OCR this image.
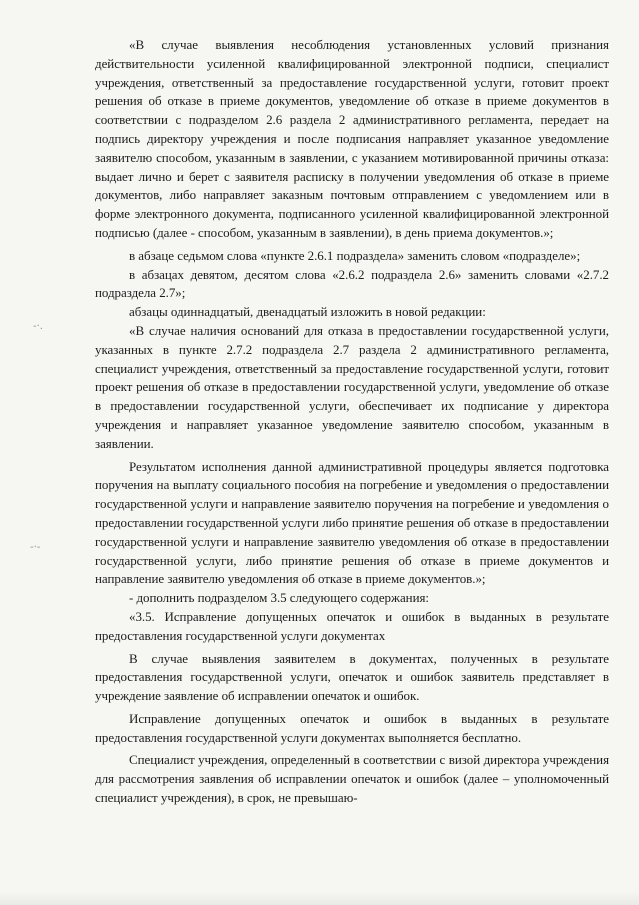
«В случае выявления несоблюдения установленных условий признания действительности усиленной квалифицированной электронной подписи, специалист учреждения, ответственный за предоставление государственной услуги, готовит проект решения об отказе в приеме документов, уведомление об отказе в приеме документов в соответствии с подразделом 2.6 раздела 2 административного регламента, передает на подпись директору учреждения и после подписания направляет указанное уведомление заявителю способом, указанным в заявлении, с указанием мотивированной причины отказа: выдает лично и берет с заявителя расписку в получении уведомления об отказе в приеме документов, либо направляет заказным почтовым отправлением с уведомлением или в форме электронного документа, подписанного усиленной квалифицированной электронной подписью (далее - способом, указанным в заявлении), в день приема документов.»;

в абзаце седьмом слова «пункте 2.6.1 подраздела» заменить словом «подразделе»;

в абзацах девятом, десятом слова «2.6.2 подраздела 2.6» заменить словами «2.7.2 подраздела 2.7»;

абзацы одиннадцатый, двенадцатый изложить в новой редакции:

«В случае наличия оснований для отказа в предоставлении государственной услуги, указанных в пункте 2.7.2 подраздела 2.7 раздела 2 административного регламента, специалист учреждения, ответственный за предоставление государственной услуги, готовит проект решения об отказе в предоставлении государственной услуги, уведомление об отказе в предоставлении государственной услуги, обеспечивает их подписание у директора учреждения и направляет указанное уведомление заявителю способом, указанным в заявлении.

Результатом исполнения данной административной процедуры является подготовка поручения на выплату социального пособия на погребение и уведомления о предоставлении государственной услуги и направление заявителю поручения на погребение и уведомления о предоставлении государственной услуги либо принятие решения об отказе в предоставлении государственной услуги и направление заявителю уведомления об отказе в предоставлении государственной услуги, либо принятие решения об отказе в приеме документов и направление заявителю уведомления об отказе в приеме документов.»;

- дополнить подразделом 3.5 следующего содержания:

«3.5. Исправление допущенных опечаток и ошибок в выданных в результате предоставления государственной услуги документах

В случае выявления заявителем в документах, полученных в результате предоставления государственной услуги, опечаток и ошибок заявитель представляет в учреждение заявление об исправлении опечаток и ошибок.

Исправление допущенных опечаток и ошибок в выданных в результате предоставления государственной услуги документах выполняется бесплатно.

Специалист учреждения, определенный в соответствии с визой директора учреждения для рассмотрения заявления об исправлении опечаток и ошибок (далее – уполномоченный специалист учреждения), в срок, не превышаю-

-·.
-·-
